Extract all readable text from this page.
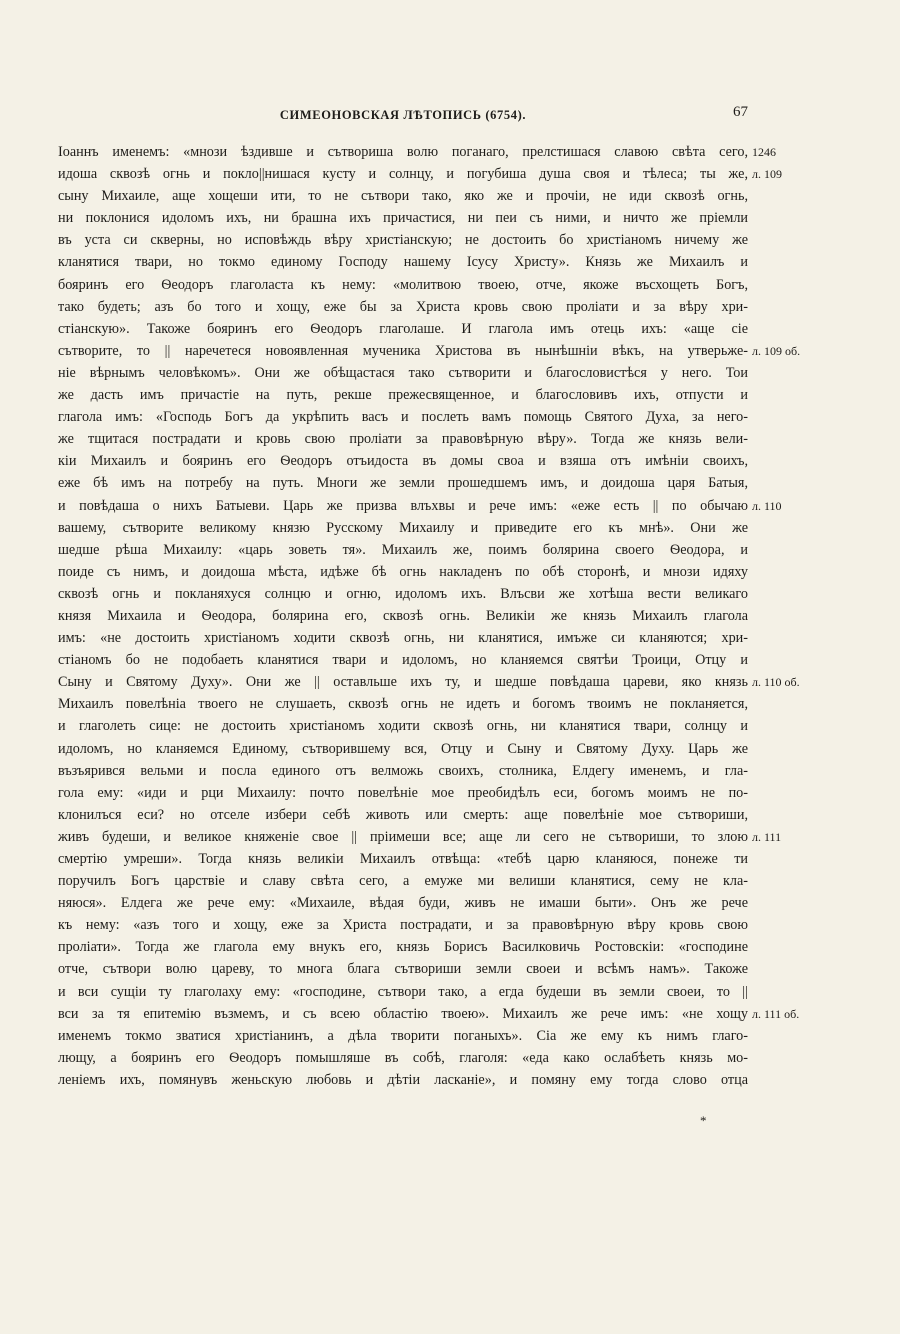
СИМЕОНОВСКАЯ ЛѢТОПИСЬ (6754).	67
Іоаннъ именемъ: «мнози ѣздивше и сътвориша волю поганаго, прелстишася славою свѣта сего,
идоша сквозѣ огнь и покло||нишася кусту и солнцу, и погубиша душа своя и тѣлеса; ты же,
сыну Михаиле, аще хощеши ити, то не сътвори тако, яко же и прочіи, не иди сквозѣ огнь,
ни поклонися идоломъ ихъ, ни брашна ихъ причастися, ни пеи съ ними, и ничто же пріемли
въ уста си скверны, но исповѣждь вѣру христіанскую; не достоить бо христіаномъ ничему же
кланятися твари, но токмо единому Господу нашему Ісусу Христу». Князь же Михаилъ и
бояринъ его Ѳеодоръ глаголаста къ нему: «молитвою твоею, отче, якоже въсхощеть Богъ,
тако будеть; азъ бо того и хощу, еже бы за Христа кровь свою пролiати и за вѣру хри-
стіанскую». Такоже бояринъ его Ѳеодоръ глаголаше. И глагола имъ отець ихъ: «аще сіе
сътворите, то || наречетеся новоявленная мученика Христова въ нынѣшніи вѣкъ, на утверьже-
ніе вѣрнымъ человѣкомъ». Они же обѣщастася тако сътворити и благословистѣся у него. Тои
же дасть имъ причастіе на путь, рекше прежесвященное, и благословивъ ихъ, отпусти и
глагола имъ: «Господь Богъ да укрѣпить васъ и послеть вамъ помощь Святого Духа, за него-
же тщитася пострадати и кровь свою пролiати за правовѣрную вѣру». Тогда же князь вели-
кіи Михаилъ и бояринъ его Ѳеодоръ отъидоста въ домы своа и взяша отъ имѣніи своихъ,
еже бѣ имъ на потребу на путь. Многи же земли прошедшемъ имъ, и доидоша царя Батыя,
и повѣдаша о нихъ Батыеви. Царь же призва влъхвы и рече имъ: «еже есть || по обычаю
вашему, сътворите великому князю Русскому Михаилу и приведите его къ мнѣ». Они же
шедше рѣша Михаилу: «царь зоветь тя». Михаилъ же, поимъ болярина своего Ѳеодора, и
поиде съ нимъ, и доидоша мѣста, идѣже бѣ огнь накладенъ по обѣ сторонѣ, и мнози идяху
сквозѣ огнь и покланяхуся солнцю и огню, идоломъ ихъ. Влъсви же хотѣша вести великаго
князя Михаила и Ѳеодора, болярина его, сквозѣ огнь. Великіи же князь Михаилъ глагола
имъ: «не достоить христіаномъ ходити сквозѣ огнь, ни кланятися, имъже си кланяются; хри-
стіаномъ бо не подобаеть кланятися твари и идоломъ, но кланяемся святѣи Троици, Отцу и
Сыну и Святому Духу». Они же || оставльше ихъ ту, и шедше повѣдаша цареви, яко князь
Михаилъ повелѣніа твоего не слушаеть, сквозѣ огнь не идеть и богомъ твоимъ не покланяется,
и глаголеть сице: не достоить христіаномъ ходити сквозѣ огнь, ни кланятися твари, солнцу и
идоломъ, но кланяемся Единому, сътворившему вся, Отцу и Сыну и Святому Духу. Царь же
възъярився вельми и посла единого отъ велможь своихъ, столника, Елдегу именемъ, и гла-
гола ему: «иди и рци Михаилу: почто повелѣніе мое преобидѣлъ еси, богомъ моимъ не по-
клонилъся еси? но отселе избери себѣ животь или смерть: аще повелѣніе мое сътвориши,
живъ будеши, и великое княженіе свое || пріимеши все; аще ли сего не сътвориши, то злою
смертію умреши». Тогда князь великіи Михаилъ отвѣща: «тебѣ царю кланяюся, понеже ти
поручилъ Богъ царствіе и славу свѣта сего, а емуже ми велиши кланятися, сему не кла-
няюся». Елдега же рече ему: «Михаиле, вѣдая буди, живъ не имаши быти». Онъ же рече
къ нему: «азъ того и хощу, еже за Христа пострадати, и за правовѣрную вѣру кровь свою
пролiати». Тогда же глагола ему внукъ его, князь Борисъ Василковичь Ростовскіи: «господине
отче, сътвори волю цареву, то многа блага сътвориши земли своеи и всѣмъ намъ». Такоже
и вси сущіи ту глаголаху ему: «господине, сътвори тако, а егда будеши въ земли своеи, то ||
вси за тя епитемію възмемъ, и съ всею областію твоею». Михаилъ же рече имъ: «не хощу
именемъ токмо зватися христіанинъ, а дѣла творити поганыхъ». Сіа же ему къ нимъ глаго-
лющу, а бояринъ его Ѳеодоръ помышляше въ собѣ, глаголя: «еда како ослабѣеть князь мо-
леніемъ ихъ, помянувъ женьскую любовь и дѣтіи ласканіе», и помяну ему тогда слово отца
1246
л. 109
л. 109 об.
л. 110
л. 110 об.
л. 111
л. 111 об.
*
